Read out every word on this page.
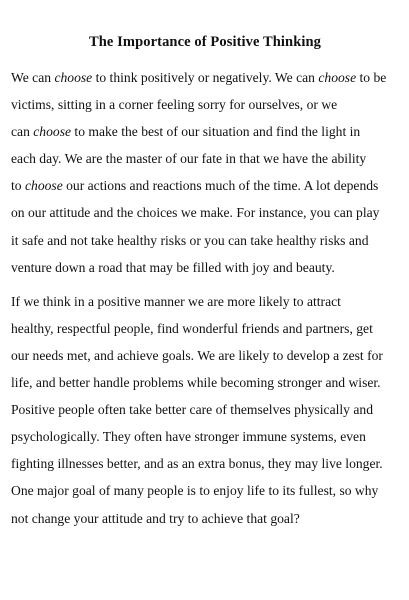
The Importance of Positive Thinking

We can choose to think positively or negatively. We can choose to be
victims, sitting in a corner feeling sorry for ourselves, or we
can choose to make the best of our situation and find the light in
each day. We are the master of our fate in that we have the ability
to choose our actions and reactions much of the time. A lot depends
on our attitude and the choices we make. For instance, you can play
it safe and not take healthy risks or you can take healthy risks and
venture down a road that may be filled with joy and beauty.

If we think in a positive manner we are more likely to attract
healthy, respectful people, find wonderful friends and partners, get
our needs met, and achieve goals. We are likely to develop a zest for
life, and better handle problems while becoming stronger and wiser.
Positive people often take better care of themselves physically and
psychologically. They often have stronger immune systems, even
fighting illnesses better, and as an extra bonus, they may live longer.
One major goal of many people is to enjoy life to its fullest, so why
not change your attitude and try to achieve that goal?
